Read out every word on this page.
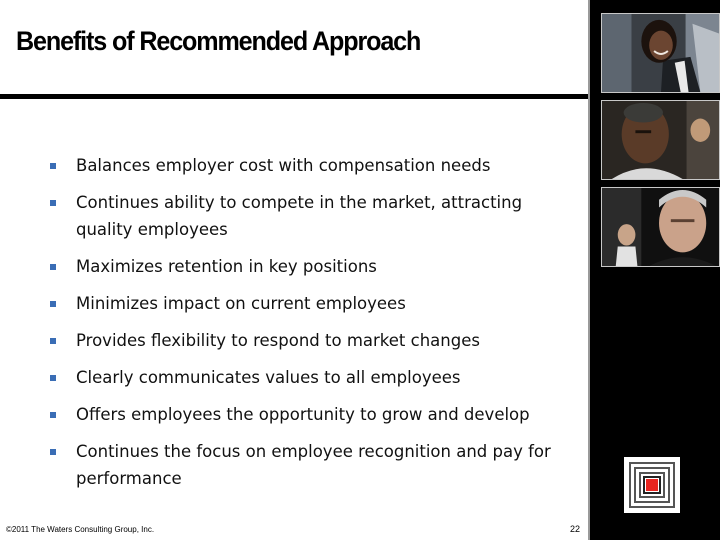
Benefits of Recommended Approach
Balances employer cost with compensation needs
Continues ability to compete in the market, attracting quality employees
Maximizes retention in key positions
Minimizes impact on current employees
Provides flexibility to respond to market changes
Clearly communicates values to all employees
Offers employees the opportunity to grow and develop
Continues the focus on employee recognition and pay for performance
©2011 The Waters Consulting Group, Inc.	22
